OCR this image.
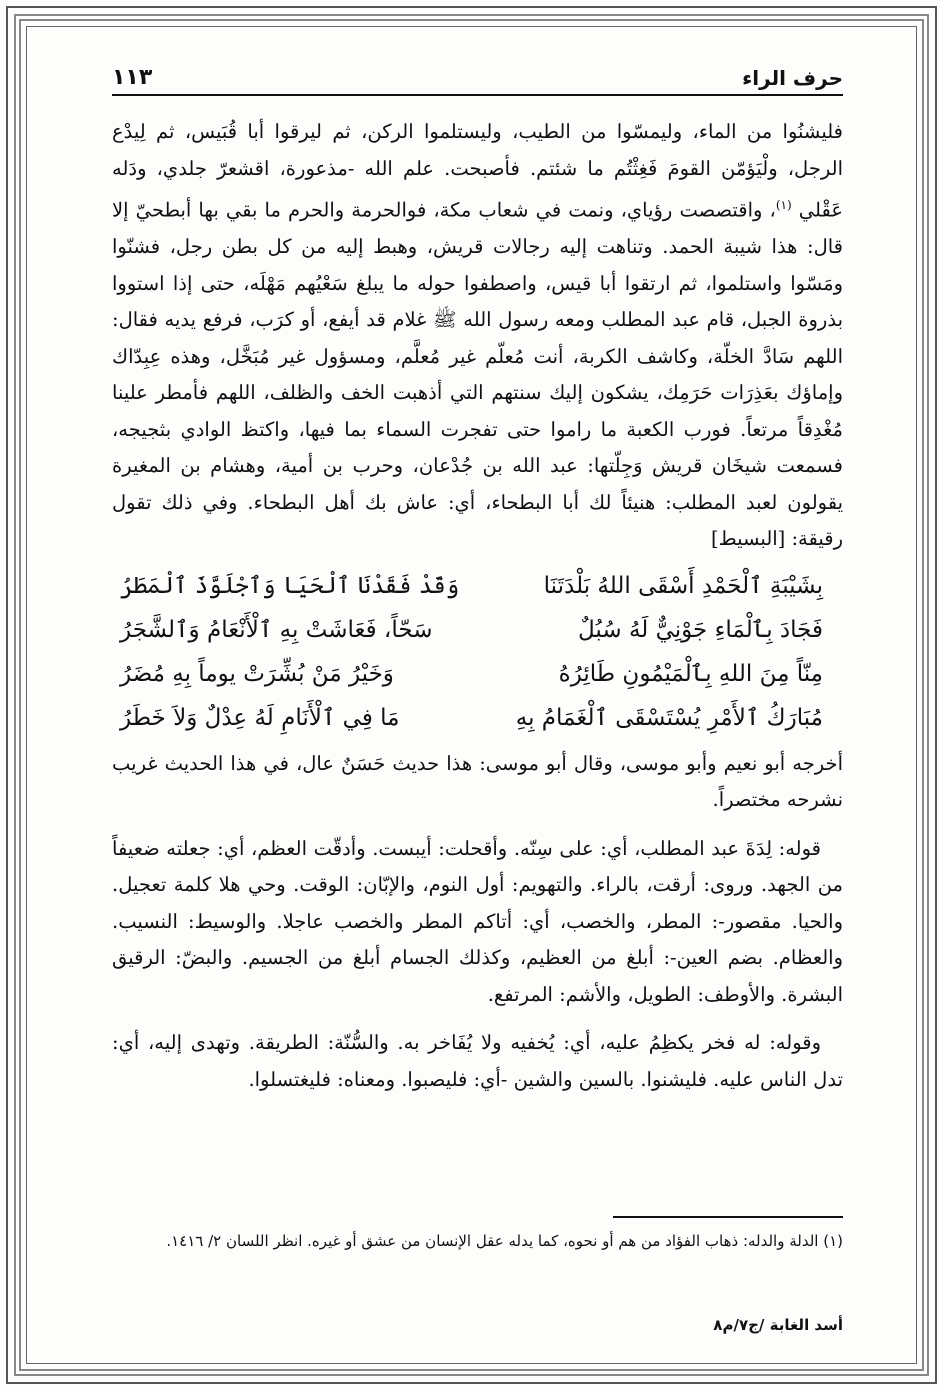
حرف الراء
١١٣

فليشنُوا من الماء، وليمسّوا من الطيب، وليستلموا الركن، ثم ليرقوا أبا قُبَيس، ثم لِيدْع الرجل، ولْيَؤمّن القومَ فَغِثْتُم ما شئتم. فأصبحت. علم الله -مذعورة، اقشعرّ جلدي، ودَله عَقْلي $^{(١)}$، واقتصصت رؤياي، ونمت في شعاب مكة، فوالحرمة والحرم ما بقي بها أبطحيّ إلا قال: هذا شيبة الحمد. وتناهت إليه رجالات قريش، وهبط إليه من كل بطن رجل، فشنّوا ومَسّوا واستلموا، ثم ارتقوا أبا قيس، واصطفوا حوله ما يبلغ سَعْيُهم مَهْلَه، حتى إذا استووا بذروة الجبل، قام عبد المطلب ومعه رسول الله ﷺ غلام قد أيفع، أو كرَب، فرفع يديه فقال: اللهم سَادَّ الخلّة، وكاشف الكربة، أنت مُعلّم غير مُعلَّم، ومسؤول غير مُبَخَّل، وهذه عِبِدّاك وإماؤك بعَذِرَات حَرَمِك، يشكون إليك سنتهم التي أذهبت الخف والظلف، اللهم فأمطر علينا مُغْدِقاً مرتعاً. فورب الكعبة ما راموا حتى تفجرت السماء بما فيها، واكتظ الوادي بثجيجه، فسمعت شيخَان قريش وَجِلّتها: عبد الله بن جُدْعان، وحرب بن أمية، وهشام بن المغيرة يقولون لعبد المطلب: هنيئاً لك أبا البطحاء، أي: عاش بك أهل البطحاء. وفي ذلك تقول رقيقة: [البسيط]

بِشَيْبَةِ ٱلْحَمْدِ أَسْقَى اللهُ بَلْدَتَنَا
وَقَدْ فَقَدْنَا ٱلْحَيَا وَٱجْلَوَّذَ ٱلْمَطَرُ
فَجَادَ بِٱلْمَاءِ جَوْنِيٌّ لَهُ سُبُلٌ
سَحّاً، فَعَاشَتْ بِهِ ٱلْأَنْعَامُ وَٱلشَّجَرُ
مِنّاً مِنَ اللهِ بِٱلْمَيْمُونِ طَائِرُهُ
وَخَيْرُ مَنْ بُشِّرَتْ يوماً بِهِ مُضَرُ
مُبَارَكُ ٱلأَمْرِ يُسْتَسْقَى ٱلْغَمَامُ بِهِ
مَا فِي ٱلْأَنَامِ لَهُ عِدْلٌ وَلاَ خَطَرُ

أخرجه أبو نعيم وأبو موسى، وقال أبو موسى: هذا حديث حَسَنٌ عال، في هذا الحديث غريب نشرحه مختصراً.

قوله: لِدَةَ عبد المطلب، أي: على سِنّه. وأقحلت: أيبست. وأدقّت العظم، أي: جعلته ضعيفاً من الجهد. وروى: أرقت، بالراء. والتهويم: أول النوم، والإبّان: الوقت. وحي هلا كلمة تعجيل. والحيا. مقصور-: المطر، والخصب، أي: أتاكم المطر والخصب عاجلا. والوسيط: النسيب. والعظام. بضم العين-: أبلغ من العظيم، وكذلك الجسام أبلغ من الجسيم. والبضّ: الرقيق البشرة. والأوطف: الطويل، والأشم: المرتفع.

وقوله: له فخر يكظِمُ عليه، أي: يُخفيه ولا يُفَاخر به. والسُّنّة: الطريقة. وتهدى إليه، أي: تدل الناس عليه. فليشنوا. بالسين والشين -أي: فليصبوا. ومعناه: فليغتسلوا.

(١) الدلة والدله: ذهاب الفؤاد من هم أو نحوه، كما يدله عقل الإنسان من عشق أو غيره. انظر اللسان ٢/ ١٤١٦.
أسد الغابة /ج٧/م٨
